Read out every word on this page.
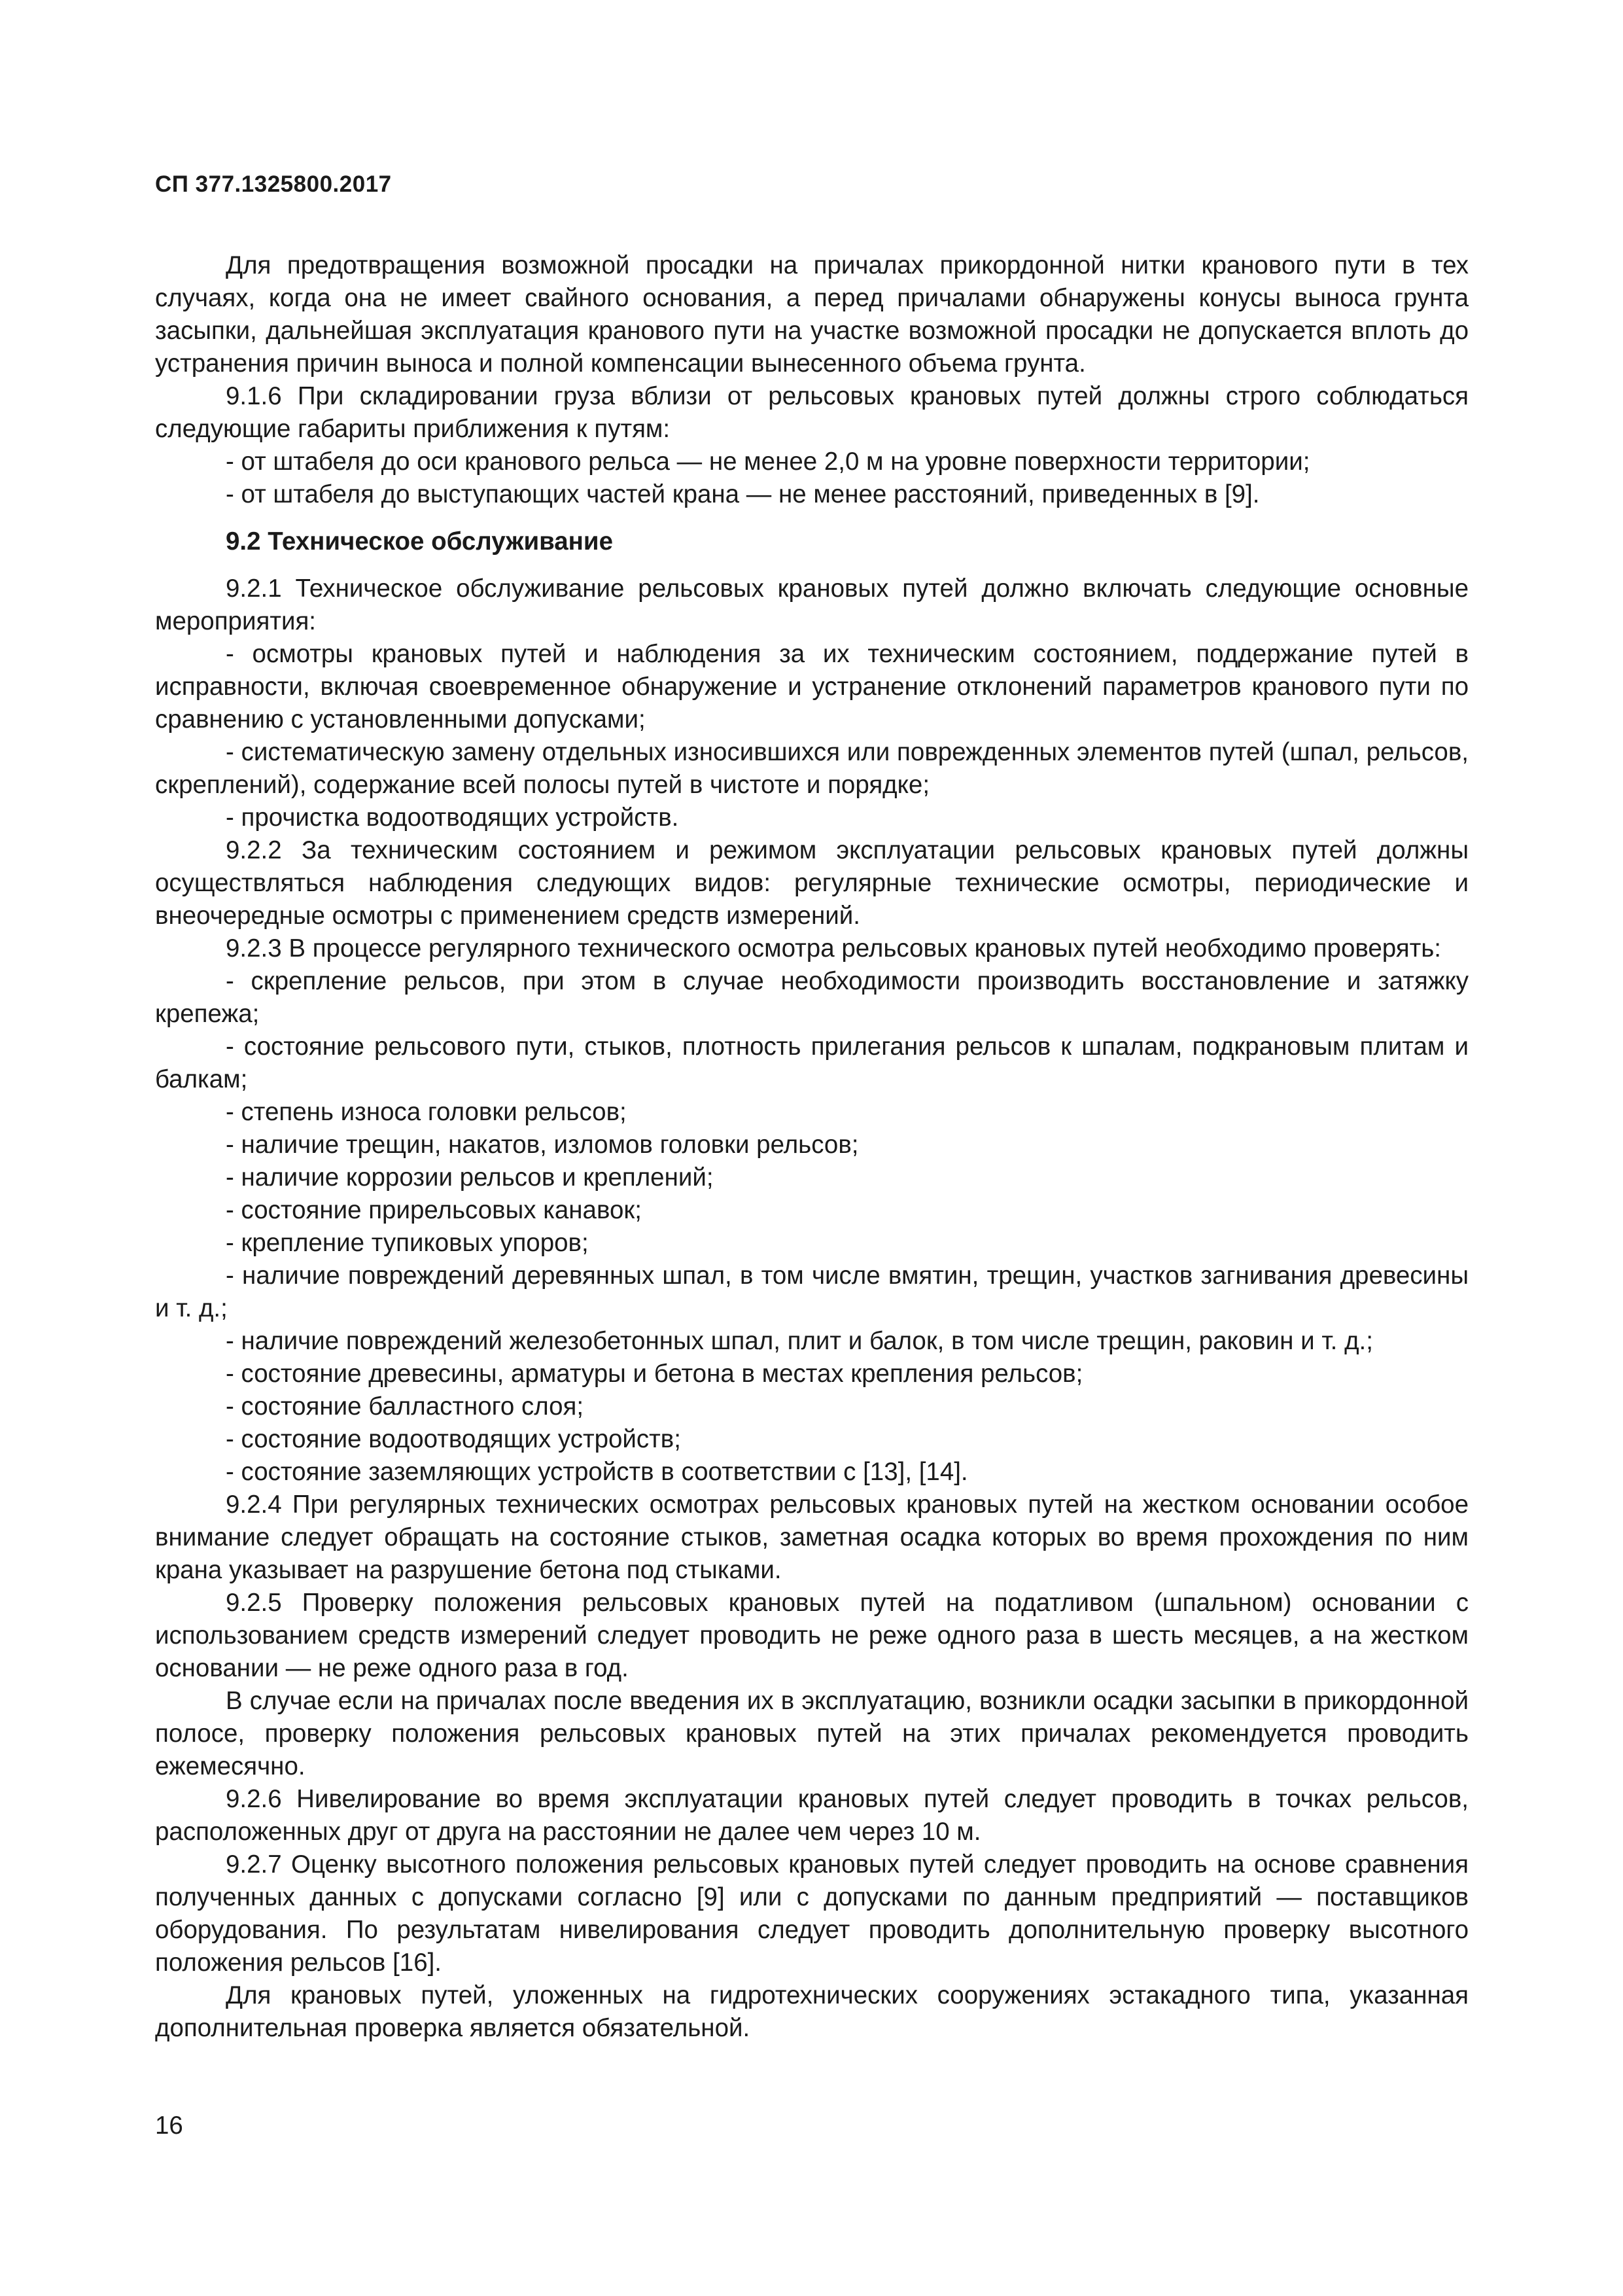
СП 377.1325800.2017

Для предотвращения возможной просадки на причалах прикордонной нитки кранового пути в тех случаях, когда она не имеет свайного основания, а перед причалами обнаружены конусы выноса грунта засыпки, дальнейшая эксплуатация кранового пути на участке возможной просадки не допускается вплоть до устранения причин выноса и полной компенсации вынесенного объема грунта.

9.1.6 При складировании груза вблизи от рельсовых крановых путей должны строго соблюдаться следующие габариты приближения к путям:

- от штабеля до оси кранового рельса — не менее 2,0 м на уровне поверхности территории;

- от штабеля до выступающих частей крана — не менее расстояний, приведенных в [9].

9.2 Техническое обслуживание

9.2.1 Техническое обслуживание рельсовых крановых путей должно включать следующие основные мероприятия:

- осмотры крановых путей и наблюдения за их техническим состоянием, поддержание путей в исправности, включая своевременное обнаружение и устранение отклонений параметров кранового пути по сравнению с установленными допусками;

- систематическую замену отдельных износившихся или поврежденных элементов путей (шпал, рельсов, скреплений), содержание всей полосы путей в чистоте и порядке;

- прочистка водоотводящих устройств.

9.2.2 За техническим состоянием и режимом эксплуатации рельсовых крановых путей должны осуществляться наблюдения следующих видов: регулярные технические осмотры, периодические и внеочередные осмотры с применением средств измерений.

9.2.3 В процессе регулярного технического осмотра рельсовых крановых путей необходимо проверять:

- скрепление рельсов, при этом в случае необходимости производить восстановление и затяжку крепежа;

- состояние рельсового пути, стыков, плотность прилегания рельсов к шпалам, подкрановым плитам и балкам;

- степень износа головки рельсов;

- наличие трещин, накатов, изломов головки рельсов;

- наличие коррозии рельсов и креплений;

- состояние прирельсовых канавок;

- крепление тупиковых упоров;

- наличие повреждений деревянных шпал, в том числе вмятин, трещин, участков загнивания древесины и т. д.;

- наличие повреждений железобетонных шпал, плит и балок, в том числе трещин, раковин и т. д.;

- состояние древесины, арматуры и бетона в местах крепления рельсов;

- состояние балластного слоя;

- состояние водоотводящих устройств;

- состояние заземляющих устройств в соответствии с [13], [14].

9.2.4 При регулярных технических осмотрах рельсовых крановых путей на жестком основании особое внимание следует обращать на состояние стыков, заметная осадка которых во время прохождения по ним крана указывает на разрушение бетона под стыками.

9.2.5 Проверку положения рельсовых крановых путей на податливом (шпальном) основании с использованием средств измерений следует проводить не реже одного раза в шесть месяцев, а на жестком основании — не реже одного раза в год.

В случае если на причалах после введения их в эксплуатацию, возникли осадки засыпки в прикордонной полосе, проверку положения рельсовых крановых путей на этих причалах рекомендуется проводить ежемесячно.

9.2.6 Нивелирование во время эксплуатации крановых путей следует проводить в точках рельсов, расположенных друг от друга на расстоянии не далее чем через 10 м.

9.2.7 Оценку высотного положения рельсовых крановых путей следует проводить на основе сравнения полученных данных с допусками согласно [9] или с допусками по данным предприятий — поставщиков оборудования. По результатам нивелирования следует проводить дополнительную проверку высотного положения рельсов [16].

Для крановых путей, уложенных на гидротехнических сооружениях эстакадного типа, указанная дополнительная проверка является обязательной.

16
